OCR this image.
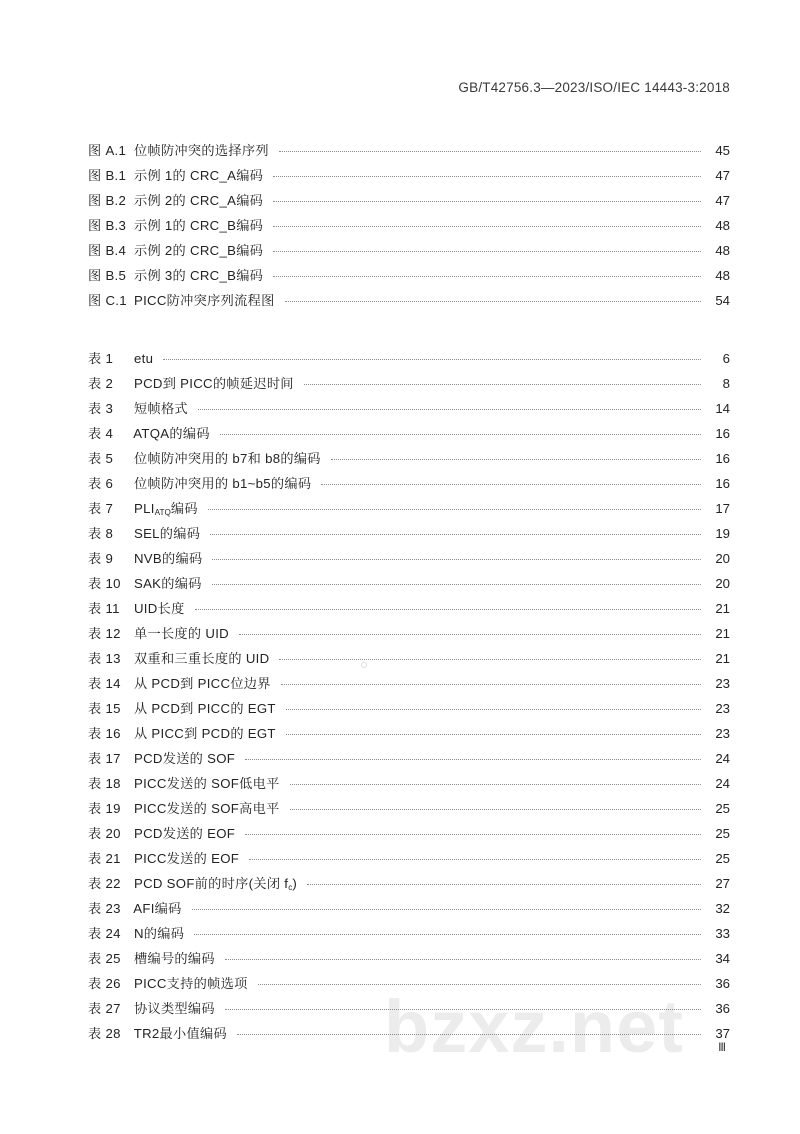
bzxz.net
GB/T42756.3—2023/ISO/IEC 14443-3:2018
图 A.1 位帧防冲突的选择序列	45
图 B.1 示例 1的 CRC_A编码	47
图 B.2 示例 2的 CRC_A编码	47
图 B.3 示例 1的 CRC_B编码	48
图 B.4 示例 2的 CRC_B编码	48
图 B.5 示例 3的 CRC_B编码	48
图 C.1 PICC防冲突序列流程图	54
表 1 etu	6
表 2 PCD到 PICC的帧延迟时间	8
表 3 短帧格式	14
表 4 ATQA的编码	16
表 5 位帧防冲突用的 b7和 b8的编码	16
表 6 位帧防冲突用的 b1~b5的编码	16
表 7 $PLI_{ATQ}$编码	17
表 8 SEL的编码	19
表 9 NVB的编码	20
表 10 SAK的编码	20
表 11 UID长度	21
表 12 单一长度的 UID	21
表 13 双重和三重长度的 UID	21
表 14 从 PCD到 PICC位边界	23
表 15 从 PCD到 PICC的 EGT	23
表 16 从 PICC到 PCD的 EGT	23
表 17 PCD发送的 SOF	24
表 18 PICC发送的 SOF低电平	24
表 19 PICC发送的 SOF高电平	25
表 20 PCD发送的 EOF	25
表 21 PICC发送的 EOF	25
表 22 PCD SOF前的时序(关闭 $f_c$)	27
表 23 AFI编码	32
表 24 N的编码	33
表 25 槽编号的编码	34
表 26 PICC支持的帧选项	36
表 27 协议类型编码	36
表 28 TR2最小值编码	37
Ⅲ
